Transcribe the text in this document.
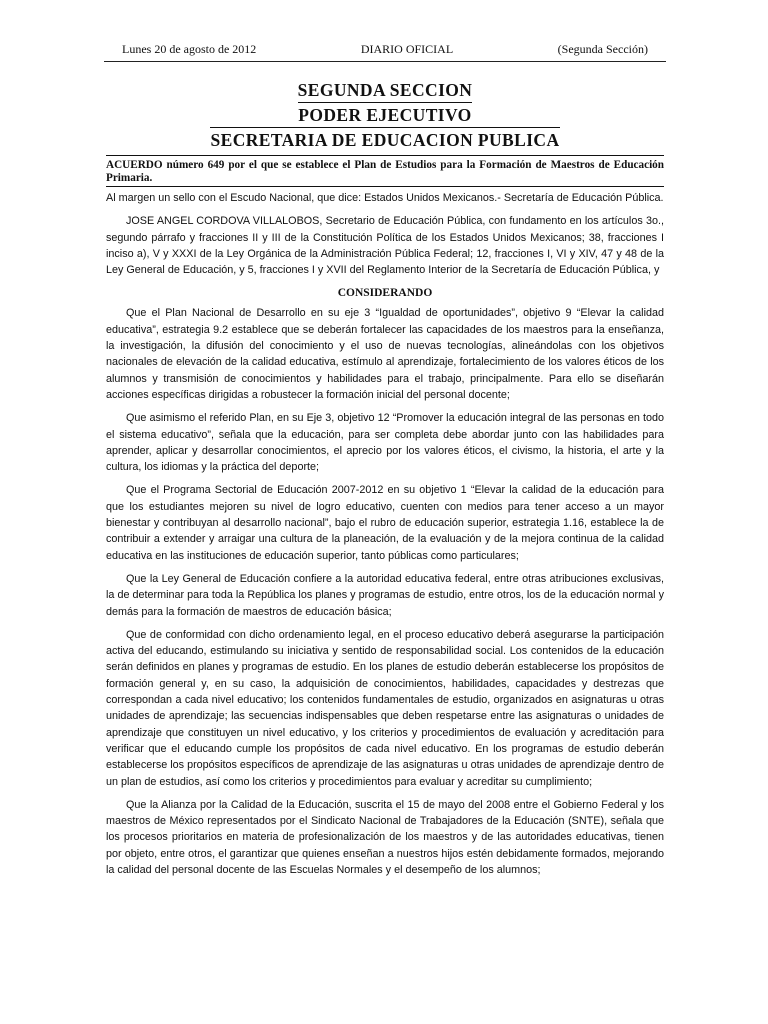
Lunes 20 de agosto de 2012	DIARIO OFICIAL	(Segunda Sección)
SEGUNDA SECCION
PODER EJECUTIVO
SECRETARIA DE EDUCACION PUBLICA
ACUERDO número 649 por el que se establece el Plan de Estudios para la Formación de Maestros de Educación Primaria.

Al margen un sello con el Escudo Nacional, que dice: Estados Unidos Mexicanos.- Secretaría de Educación Pública.

JOSE ANGEL CORDOVA VILLALOBOS, Secretario de Educación Pública, con fundamento en los artículos 3o., segundo párrafo y fracciones II y III de la Constitución Política de los Estados Unidos Mexicanos; 38, fracciones I inciso a), V y XXXI de la Ley Orgánica de la Administración Pública Federal; 12, fracciones I, VI y XIV, 47 y 48 de la Ley General de Educación, y 5, fracciones I y XVII del Reglamento Interior de la Secretaría de Educación Pública, y

CONSIDERANDO

Que el Plan Nacional de Desarrollo en su eje 3 “Igualdad de oportunidades”, objetivo 9 “Elevar la calidad educativa”, estrategia 9.2 establece que se deberán fortalecer las capacidades de los maestros para la enseñanza, la investigación, la difusión del conocimiento y el uso de nuevas tecnologías, alineándolas con los objetivos nacionales de elevación de la calidad educativa, estímulo al aprendizaje, fortalecimiento de los valores éticos de los alumnos y transmisión de conocimientos y habilidades para el trabajo, principalmente. Para ello se diseñarán acciones específicas dirigidas a robustecer la formación inicial del personal docente;

Que asimismo el referido Plan, en su Eje 3, objetivo 12 “Promover la educación integral de las personas en todo el sistema educativo”, señala que la educación, para ser completa debe abordar junto con las habilidades para aprender, aplicar y desarrollar conocimientos, el aprecio por los valores éticos, el civismo, la historia, el arte y la cultura, los idiomas y la práctica del deporte;

Que el Programa Sectorial de Educación 2007-2012 en su objetivo 1 “Elevar la calidad de la educación para que los estudiantes mejoren su nivel de logro educativo, cuenten con medios para tener acceso a un mayor bienestar y contribuyan al desarrollo nacional”, bajo el rubro de educación superior, estrategia 1.16, establece la de contribuir a extender y arraigar una cultura de la planeación, de la evaluación y de la mejora continua de la calidad educativa en las instituciones de educación superior, tanto públicas como particulares;

Que la Ley General de Educación confiere a la autoridad educativa federal, entre otras atribuciones exclusivas, la de determinar para toda la República los planes y programas de estudio, entre otros, los de la educación normal y demás para la formación de maestros de educación básica;

Que de conformidad con dicho ordenamiento legal, en el proceso educativo deberá asegurarse la participación activa del educando, estimulando su iniciativa y sentido de responsabilidad social. Los contenidos de la educación serán definidos en planes y programas de estudio. En los planes de estudio deberán establecerse los propósitos de formación general y, en su caso, la adquisición de conocimientos, habilidades, capacidades y destrezas que correspondan a cada nivel educativo; los contenidos fundamentales de estudio, organizados en asignaturas u otras unidades de aprendizaje; las secuencias indispensables que deben respetarse entre las asignaturas o unidades de aprendizaje que constituyen un nivel educativo, y los criterios y procedimientos de evaluación y acreditación para verificar que el educando cumple los propósitos de cada nivel educativo. En los programas de estudio deberán establecerse los propósitos específicos de aprendizaje de las asignaturas u otras unidades de aprendizaje dentro de un plan de estudios, así como los criterios y procedimientos para evaluar y acreditar su cumplimiento;

Que la Alianza por la Calidad de la Educación, suscrita el 15 de mayo del 2008 entre el Gobierno Federal y los maestros de México representados por el Sindicato Nacional de Trabajadores de la Educación (SNTE), señala que los procesos prioritarios en materia de profesionalización de los maestros y de las autoridades educativas, tienen por objeto, entre otros, el garantizar que quienes enseñan a nuestros hijos estén debidamente formados, mejorando la calidad del personal docente de las Escuelas Normales y el desempeño de los alumnos;
